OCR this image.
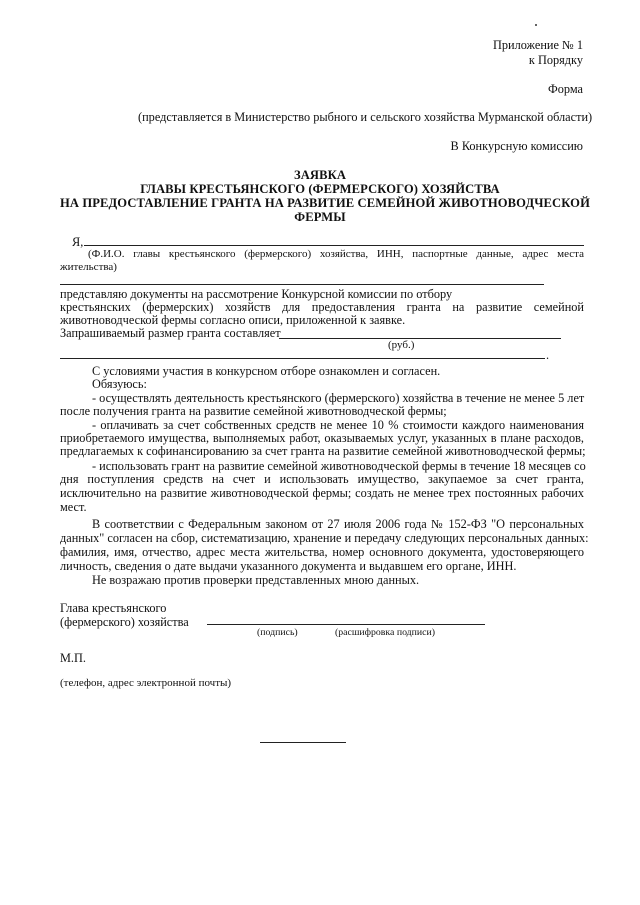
Приложение № 1
к Порядку
Форма
(представляется в Министерство рыбного и сельского хозяйства Мурманской области)
В Конкурсную комиссию
ЗАЯВКА
ГЛАВЫ КРЕСТЬЯНСКОГО (ФЕРМЕРСКОГО) ХОЗЯЙСТВА
НА ПРЕДОСТАВЛЕНИЕ ГРАНТА НА РАЗВИТИЕ СЕМЕЙНОЙ ЖИВОТНОВОДЧЕСКОЙ
ФЕРМЫ
Я,
(Ф.И.О. главы крестьянского (фермерского) хозяйства, ИНН, паспортные данные, адрес места
жительства)
представляю документы на рассмотрение Конкурсной комиссии по отбору
крестьянских (фермерских) хозяйств для предоставления гранта на развитие семейной
животноводческой фермы согласно описи, приложенной к заявке.
Запрашиваемый размер гранта составляет
(руб.)
.
С условиями участия в конкурсном отборе ознакомлен и согласен.
Обязуюсь:
- осуществлять деятельность крестьянского (фермерского) хозяйства в течение не менее 5 лет
после получения гранта на развитие семейной животноводческой фермы;
- оплачивать за счет собственных средств не менее 10 % стоимости каждого наименования
приобретаемого имущества, выполняемых работ, оказываемых услуг, указанных в плане расходов,
предлагаемых к софинансированию за счет гранта на развитие семейной животноводческой фермы;
- использовать грант на развитие семейной животноводческой фермы в течение 18 месяцев со
дня поступления средств на счет и использовать имущество, закупаемое за счет гранта,
исключительно на развитие животноводческой фермы; создать не менее трех постоянных рабочих
мест.
В соответствии с Федеральным законом от 27 июля 2006 года № 152-ФЗ "О персональных
данных" согласен на сбор, систематизацию, хранение и передачу следующих персональных данных:
фамилия, имя, отчество, адрес места жительства, номер основного документа, удостоверяющего
личность, сведения о дате выдачи указанного документа и выдавшем его органе, ИНН.
Не возражаю против проверки представленных мною данных.
Глава крестьянского
(фермерского) хозяйства
(подпись)	(расшифровка подписи)
М.П.
(телефон, адрес электронной почты)
